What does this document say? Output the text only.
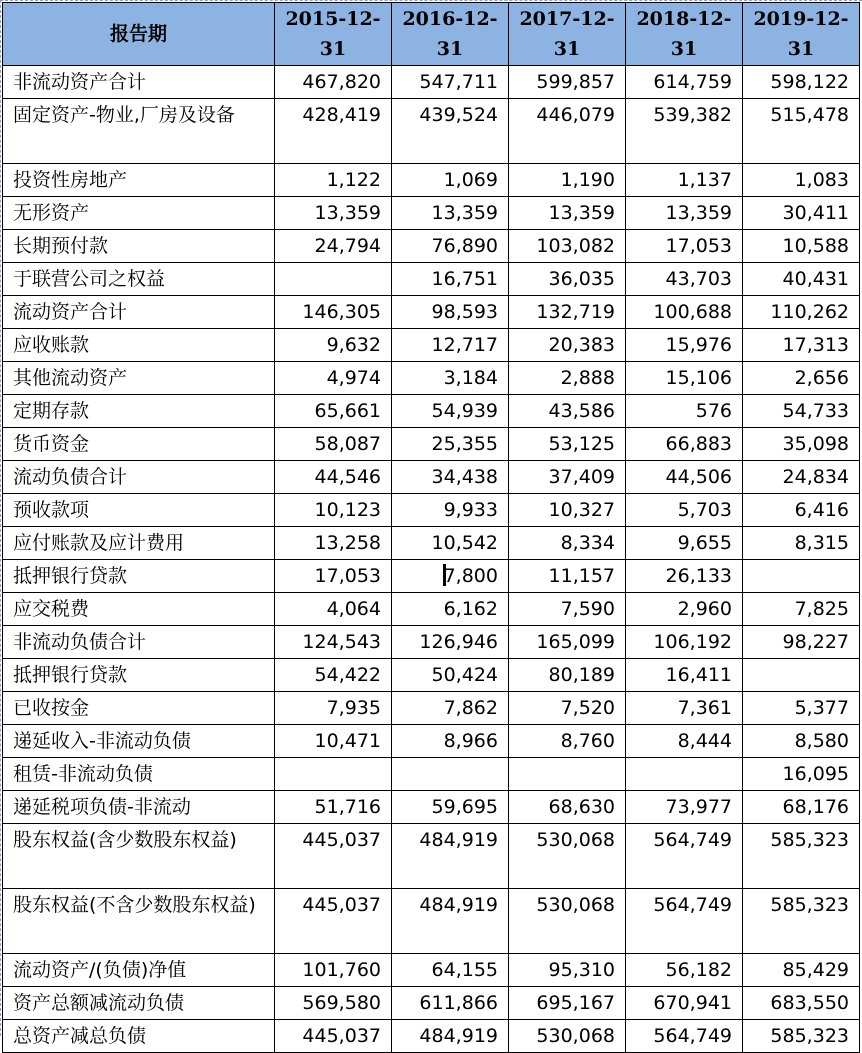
报告期	2015-12-31	2016-12-31	2017-12-31	2018-12-31	2019-12-31
非流动资产合计	467,820	547,711	599,857	614,759	598,122
固定资产-物业,厂房及设备	428,419	439,524	446,079	539,382	515,478
投资性房地产	1,122	1,069	1,190	1,137	1,083
无形资产	13,359	13,359	13,359	13,359	30,411
长期预付款	24,794	76,890	103,082	17,053	10,588
于联营公司之权益		16,751	36,035	43,703	40,431
流动资产合计	146,305	98,593	132,719	100,688	110,262
应收账款	9,632	12,717	20,383	15,976	17,313
其他流动资产	4,974	3,184	2,888	15,106	2,656
定期存款	65,661	54,939	43,586	576	54,733
货币资金	58,087	25,355	53,125	66,883	35,098
流动负债合计	44,546	34,438	37,409	44,506	24,834
预收款项	10,123	9,933	10,327	5,703	6,416
应付账款及应计费用	13,258	10,542	8,334	9,655	8,315
抵押银行贷款	17,053	7,800	11,157	26,133	
应交税费	4,064	6,162	7,590	2,960	7,825
非流动负债合计	124,543	126,946	165,099	106,192	98,227
抵押银行贷款	54,422	50,424	80,189	16,411	
已收按金	7,935	7,862	7,520	7,361	5,377
递延收入-非流动负债	10,471	8,966	8,760	8,444	8,580
租赁-非流动负债					16,095
递延税项负债-非流动	51,716	59,695	68,630	73,977	68,176
股东权益(含少数股东权益)	445,037	484,919	530,068	564,749	585,323
股东权益(不含少数股东权益)	445,037	484,919	530,068	564,749	585,323
流动资产/(负债)净值	101,760	64,155	95,310	56,182	85,429
资产总额减流动负债	569,580	611,866	695,167	670,941	683,550
总资产减总负债	445,037	484,919	530,068	564,749	585,323
